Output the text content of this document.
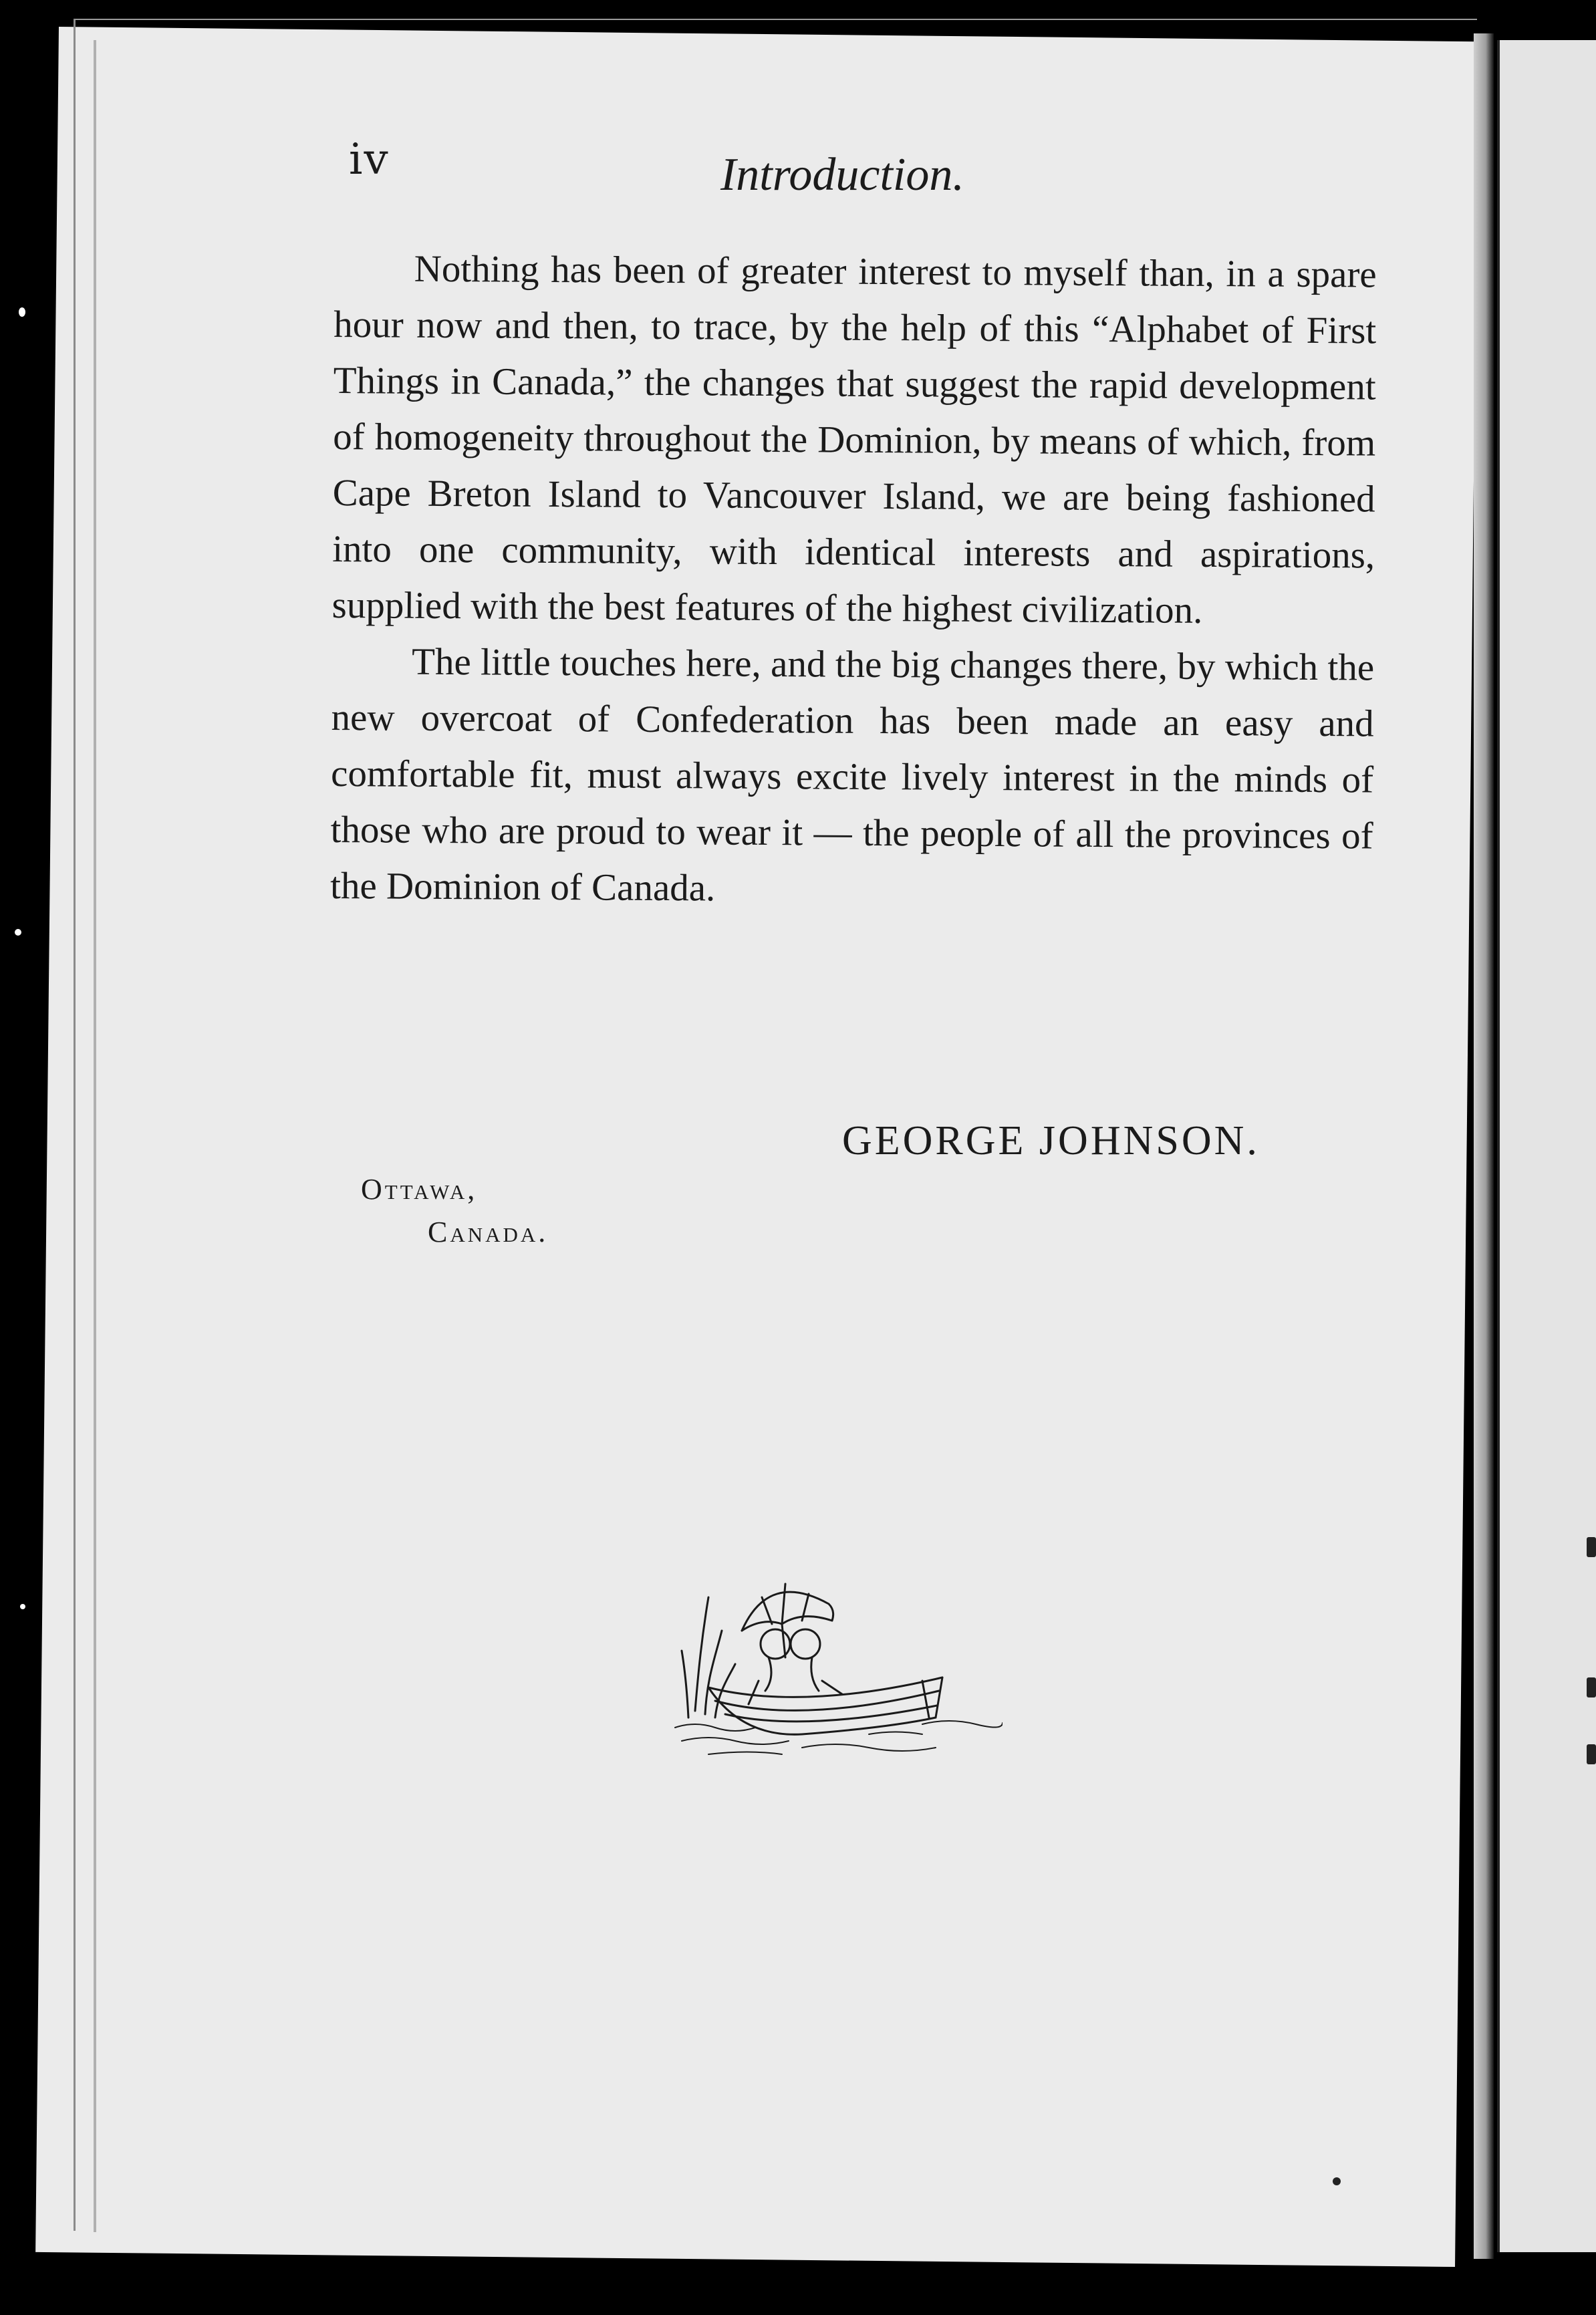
iv	Introduction.

Nothing has been of greater interest to myself than, in a spare hour now and then, to trace, by the help of this “Alphabet of First Things in Canada,” the changes that suggest the rapid development of homogeneity throughout the Dominion, by means of which, from Cape Breton Island to Vancouver Island, we are being fashioned into one community, with identical interests and aspirations, supplied with the best features of the highest civilization.

The little touches here, and the big changes there, by which the new overcoat of Confederation has been made an easy and comfortable fit, must always excite lively interest in the minds of those who are proud to wear it — the people of all the provinces of the Dominion of Canada.

GEORGE JOHNSON.
Ottawa,
Canada.
